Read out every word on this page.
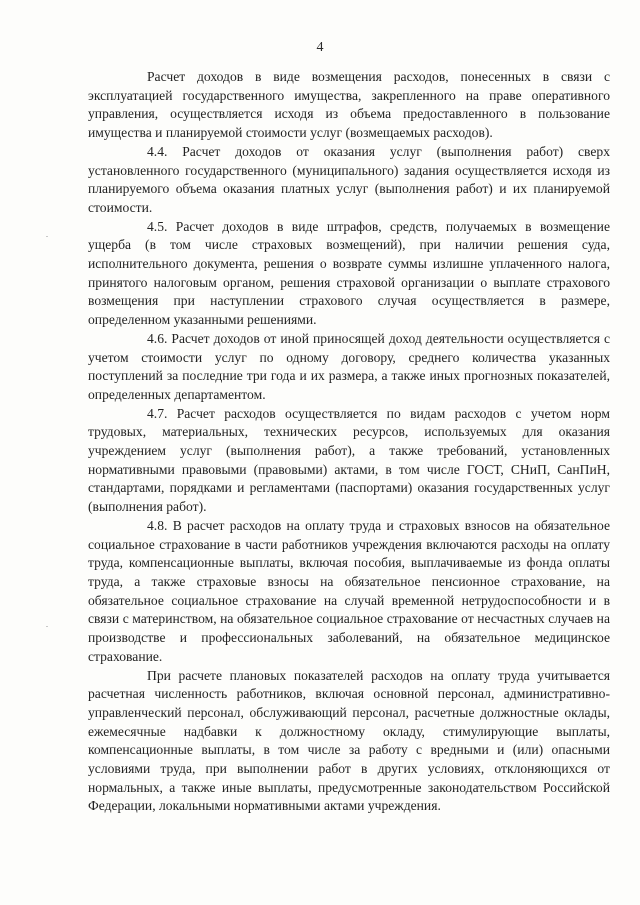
4

Расчет доходов в виде возмещения расходов, понесенных в связи с эксплуатацией государственного имущества, закрепленного на праве оперативного управления, осуществляется исходя из объема предоставленного в пользование имущества и планируемой стоимости услуг (возмещаемых расходов).

4.4. Расчет доходов от оказания услуг (выполнения работ) сверх установленного государственного (муниципального) задания осуществляется исходя из планируемого объема оказания платных услуг (выполнения работ) и их планируемой стоимости.

4.5. Расчет доходов в виде штрафов, средств, получаемых в возмещение ущерба (в том числе страховых возмещений), при наличии решения суда, исполнительного документа, решения о возврате суммы излишне уплаченного налога, принятого налоговым органом, решения страховой организации о выплате страхового возмещения при наступлении страхового случая осуществляется в размере, определенном указанными решениями.

4.6. Расчет доходов от иной приносящей доход деятельности осуществляется с учетом стоимости услуг по одному договору, среднего количества указанных поступлений за последние три года и их размера, а также иных прогнозных показателей, определенных департаментом.

4.7. Расчет расходов осуществляется по видам расходов с учетом норм трудовых, материальных, технических ресурсов, используемых для оказания учреждением услуг (выполнения работ), а также требований, установленных нормативными правовыми (правовыми) актами, в том числе ГОСТ, СНиП, СанПиН, стандартами, порядками и регламентами (паспортами) оказания государственных услуг (выполнения работ).

4.8. В расчет расходов на оплату труда и страховых взносов на обязательное социальное страхование в части работников учреждения включаются расходы на оплату труда, компенсационные выплаты, включая пособия, выплачиваемые из фонда оплаты труда, а также страховые взносы на обязательное пенсионное страхование, на обязательное социальное страхование на случай временной нетрудоспособности и в связи с материнством, на обязательное социальное страхование от несчастных случаев на производстве и профессиональных заболеваний, на обязательное медицинское страхование.

При расчете плановых показателей расходов на оплату труда учитывается расчетная численность работников, включая основной персонал, административно-управленческий персонал, обслуживающий персонал, расчетные должностные оклады, ежемесячные надбавки к должностному окладу, стимулирующие выплаты, компенсационные выплаты, в том числе за работу с вредными и (или) опасными условиями труда, при выполнении работ в других условиях, отклоняющихся от нормальных, а также иные выплаты, предусмотренные законодательством Российской Федерации, локальными нормативными актами учреждения.
